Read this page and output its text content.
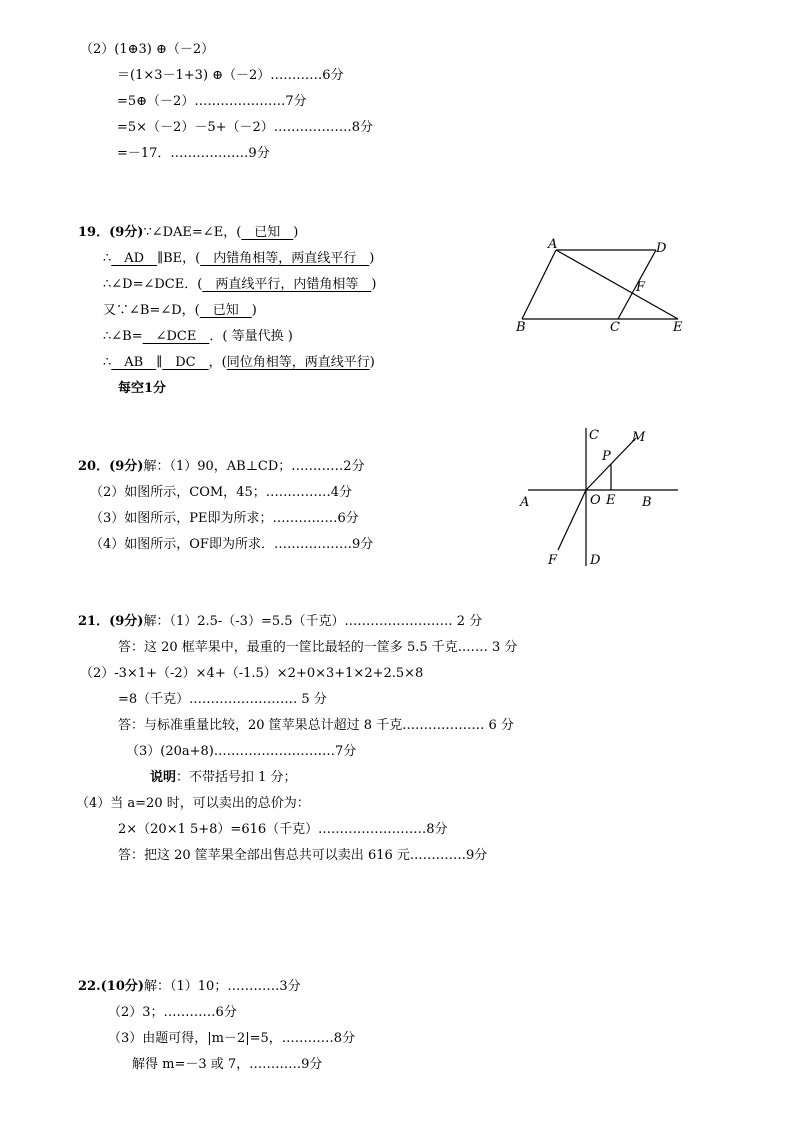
（2）(1⊕3) ⊕（－2）
＝(1×3－1+3) ⊕（－2）…………6分
=5⊕（－2）…………………7分
=5×（－2）－5+（－2）………………8分
=－17．………………9分
19．(9分)∵∠DAE=∠E，(　已知　)
∴　AD　∥BE，(　内错角相等，两直线平行　)
∴∠D=∠DCE．(　两直线平行，内错角相等　)
又∵∠B=∠D，(　已知　)
∴∠B=　∠DCE　．( 等量代换 )
∴　AB　∥　DC　，(同位角相等，两直线平行)
每空1分
A	D
F
B	C	E
20．(9分)解：（1）90，AB⊥CD；…………2分
（2）如图所示，COM，45；……………4分
（3）如图所示，PE即为所求；……………6分
（4）如图所示，OF即为所求．………………9分
C	M
P
A	O E B
F	D
21．(9分)解：（1）2.5-（-3）=5.5（千克）.…………………… 2 分
答：这 20 框苹果中，最重的一筐比最轻的一筐多 5.5 千克.…… 3 分
（2）-3×1+（-2）×4+（-1.5）×2+0×3+1×2+2.5×8
=8（千克）.…………………… 5 分
答：与标准重量比较，20 筐苹果总计超过 8 千克.……………… 6 分
（3）(20a+8).………………………7分
说明：不带括号扣 1 分；
（4）当 a=20 时，可以卖出的总价为：
2×（20×1 5+8）=616（千克）.……………………8分
答：把这 20 筐苹果全部出售总共可以卖出 616 元.…………9分
22.(10分)解：（1）10；…………3分
（2）3；…………6分
（3）由题可得，|m－2|=5，…………8分
解得 m=－3 或 7，…………9分
